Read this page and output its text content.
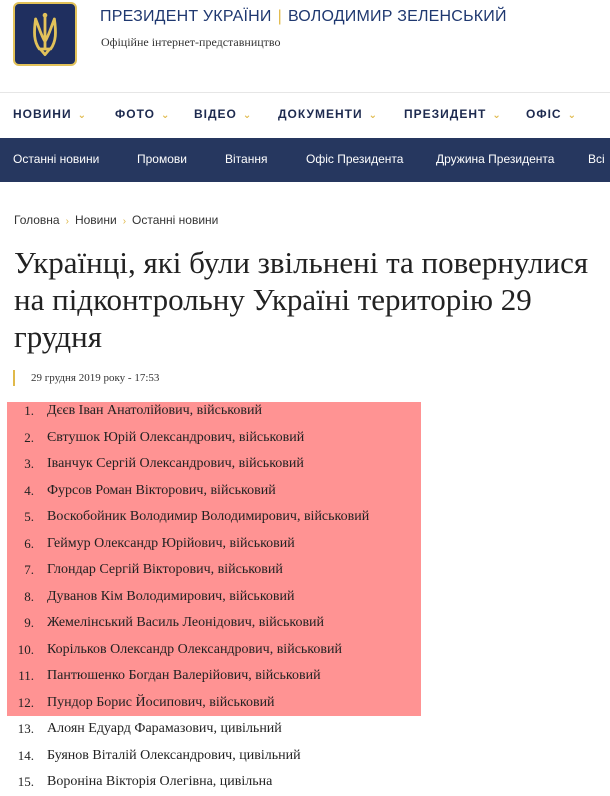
ПРЕЗИДЕНТ УКРАЇНИ | ВОЛОДИМИР ЗЕЛЕНСЬКИЙ
Офіційне інтернет-представництво
НОВИНИ ⌄ ФОТО ⌄ ВІДЕО ⌄ ДОКУМЕНТИ ⌄ ПРЕЗИДЕНТ ⌄ ОФІС ⌄
Останні новини	Промови	Вітання	Офіс Президента	Дружина Президента	Всі
Головна › Новини › Останні новини
Українці, які були звільнені та повернулися на підконтрольну Україні територію 29 грудня
29 грудня 2019 року - 17:53
1. Дєєв Іван Анатолійович, військовий
2. Євтушок Юрій Олександрович, військовий
3. Іванчук Сергій Олександрович, військовий
4. Фурсов Роман Вікторович, військовий
5. Воскобойник Володимир Володимирович, військовий
6. Геймур Олександр Юрійович, військовий
7. Глондар Сергій Вікторович, військовий
8. Дуванов Кім Володимирович, військовий
9. Жемелінський Василь Леонідович, військовий
10. Корільков Олександр Олександрович, військовий
11. Пантюшенко Богдан Валерійович, військовий
12. Пундор Борис Йосипович, військовий
13. Алоян Едуард Фарамазович, цивільний
14. Буянов Віталій Олександрович, цивільний
15. Вороніна Вікторія Олегівна, цивільна
